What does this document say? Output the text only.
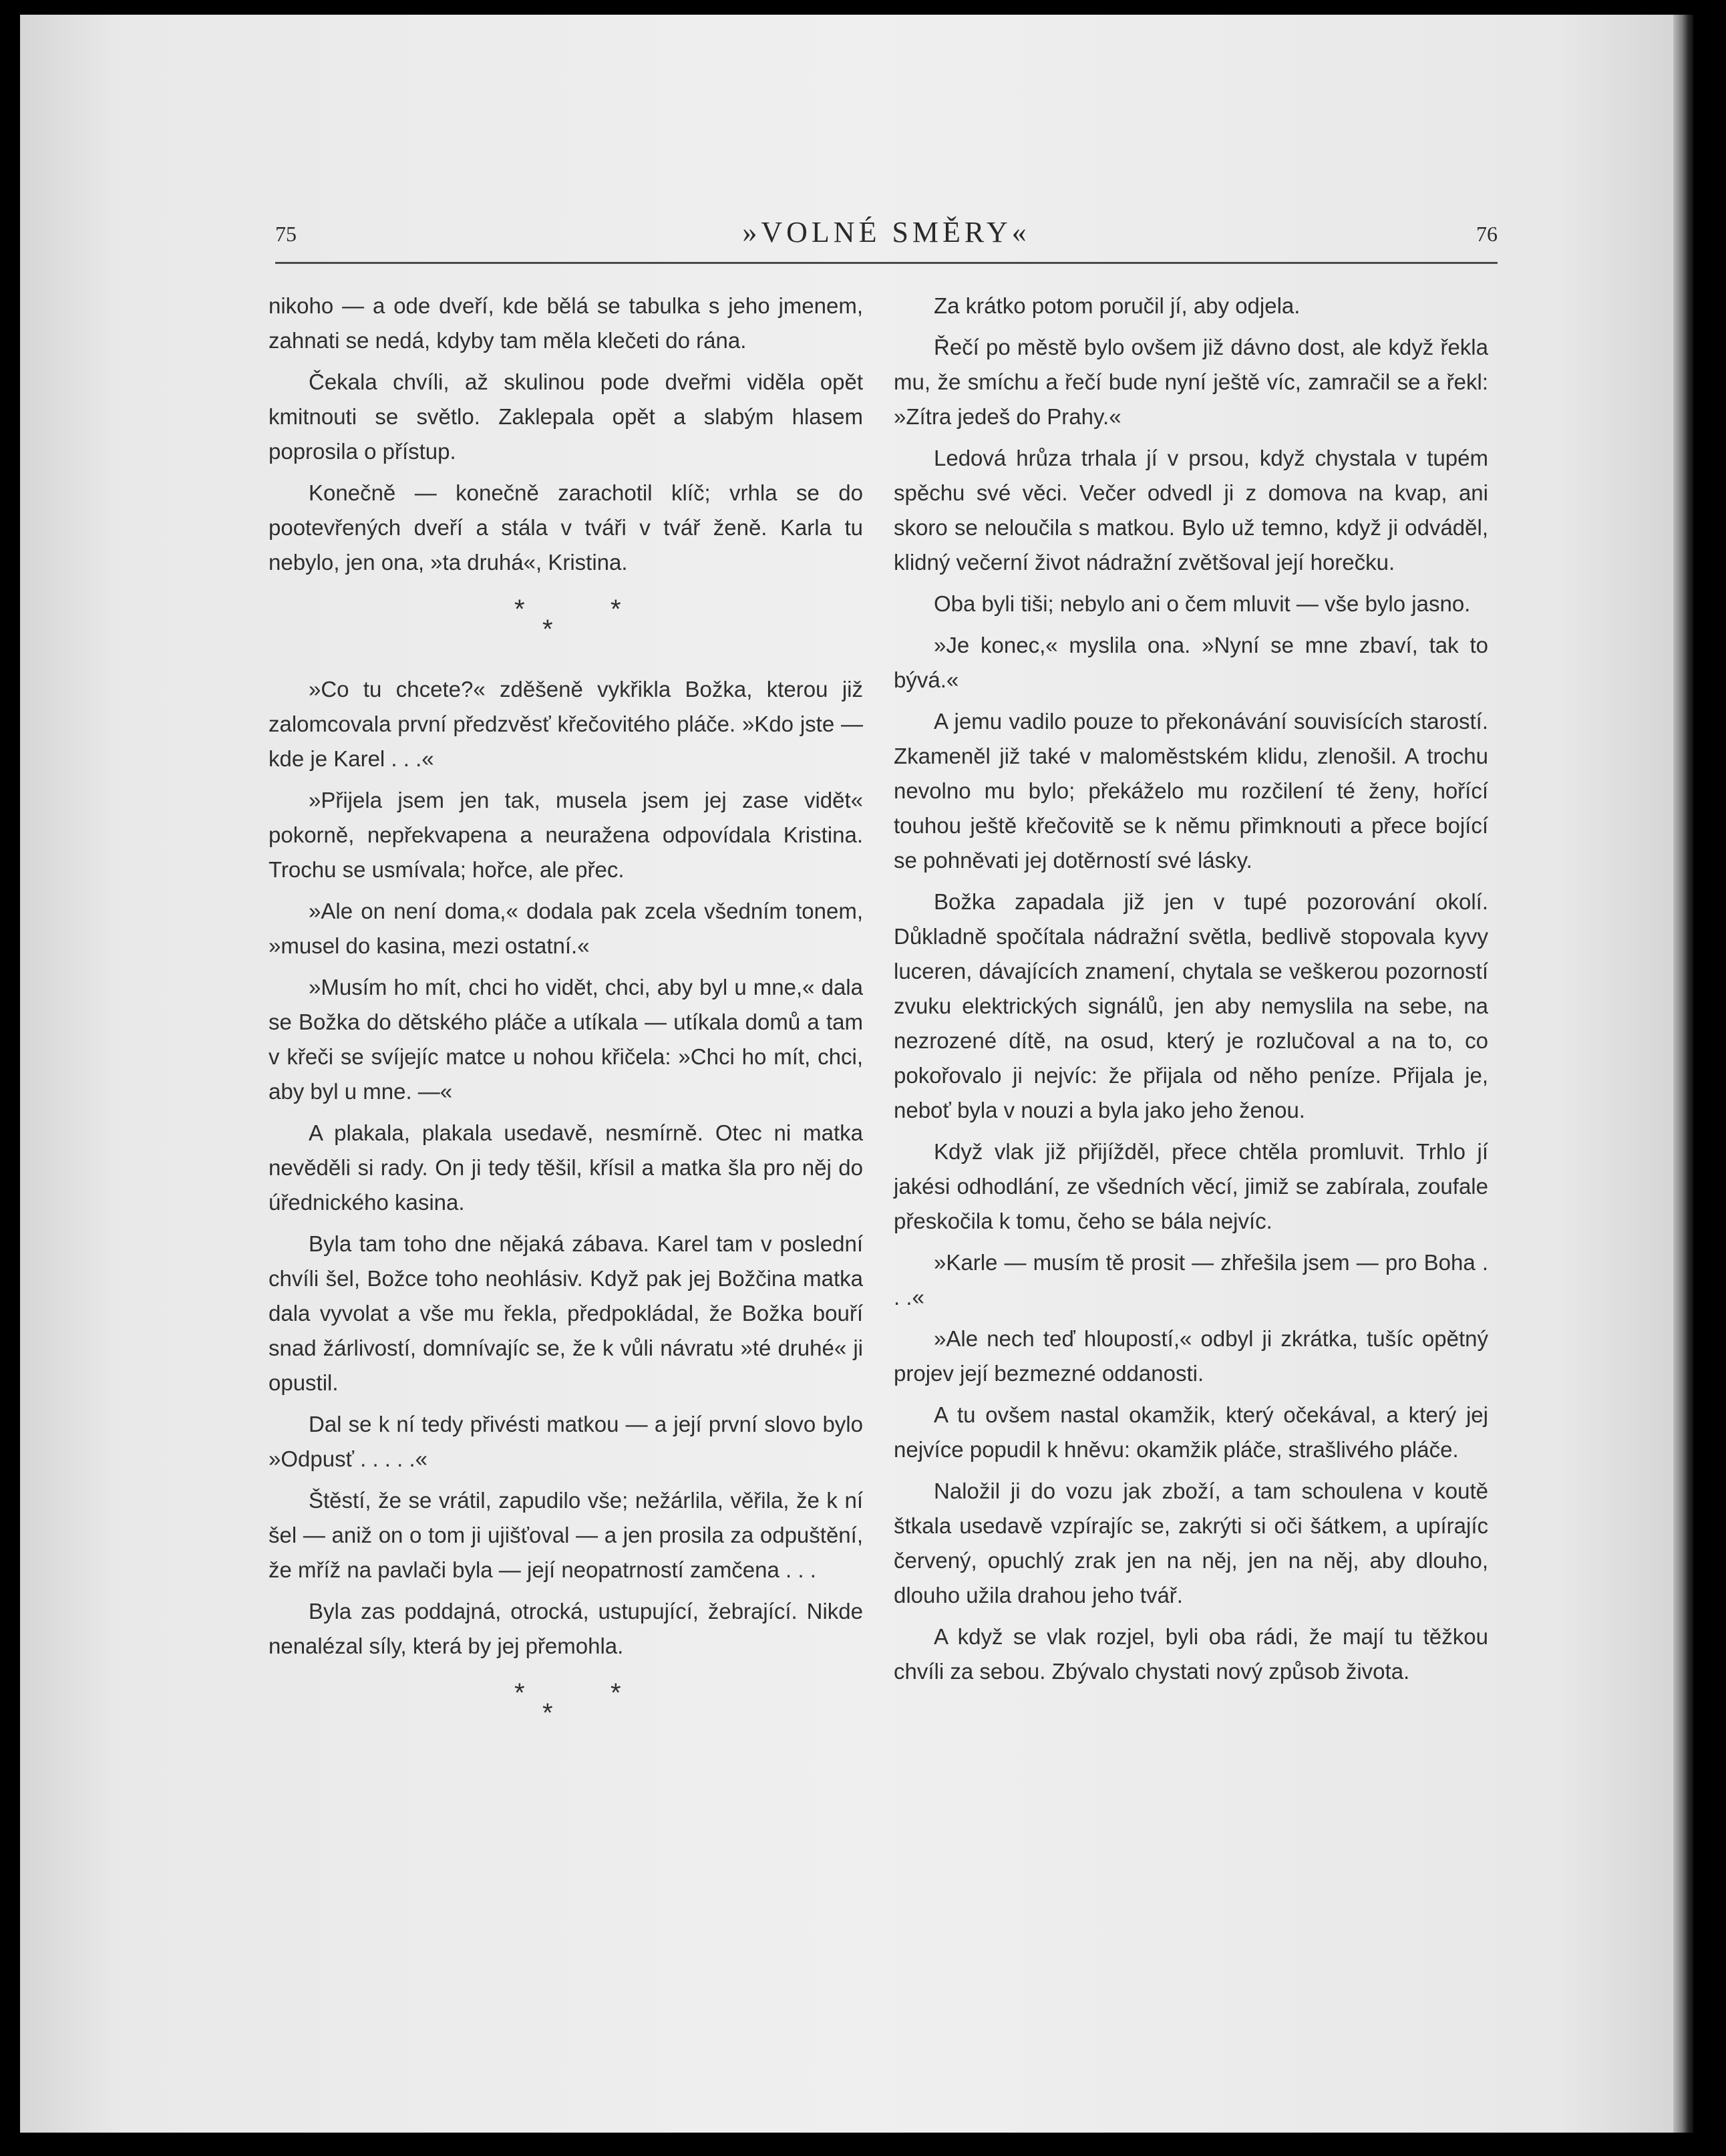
75	»VOLNÉ SMĚRY«	76

nikoho — a ode dveří, kde bělá se tabulka s jeho jmenem, zahnati se nedá, kdyby tam měla klečeti do rána.

Čekala chvíli, až skulinou pode dveřmi viděla opět kmitnouti se světlo. Zaklepala opět a slabým hlasem poprosila o přístup.

Konečně — konečně zarachotil klíč; vrhla se do pootevřených dveří a stála v tváři v tvář ženě. Karla tu nebylo, jen ona, »ta druhá«, Kristina.

*
*
*

»Co tu chcete?« zděšeně vykřikla Božka, kterou již zalomcovala první předzvěsť křečovitého pláče. »Kdo jste — kde je Karel . . .«

»Přijela jsem jen tak, musela jsem jej zase vidět« pokorně, nepřekvapena a neuražena odpovídala Kristina. Trochu se usmívala; hořce, ale přec.

»Ale on není doma,« dodala pak zcela všedním tonem, »musel do kasina, mezi ostatní.«

»Musím ho mít, chci ho vidět, chci, aby byl u mne,« dala se Božka do dětského pláče a utíkala — utíkala domů a tam v křeči se svíjejíc matce u nohou křičela: »Chci ho mít, chci, aby byl u mne. —«

A plakala, plakala usedavě, nesmírně. Otec ni matka nevěděli si rady. On ji tedy těšil, křísil a matka šla pro něj do úřednického kasina.

Byla tam toho dne nějaká zábava. Karel tam v poslední chvíli šel, Božce toho neohlásiv. Když pak jej Božčina matka dala vyvolat a vše mu řekla, předpokládal, že Božka bouří snad žárlivostí, domnívajíc se, že k vůli návratu »té druhé« ji opustil.

Dal se k ní tedy přivésti matkou — a její první slovo bylo »Odpusť . . . . .«

Štěstí, že se vrátil, zapudilo vše; nežárlila, věřila, že k ní šel — aniž on o tom ji ujišťoval — a jen prosila za odpuštění, že mříž na pavlači byla — její neopatrností zamčena . . .

Byla zas poddajná, otrocká, ustupující, žebrající. Nikde nenalézal síly, která by jej přemohla.

*
*
*

Za krátko potom poručil jí, aby odjela.

Řečí po městě bylo ovšem již dávno dost, ale když řekla mu, že smíchu a řečí bude nyní ještě víc, zamračil se a řekl: »Zítra jedeš do Prahy.«

Ledová hrůza trhala jí v prsou, když chystala v tupém spěchu své věci. Večer odvedl ji z domova na kvap, ani skoro se neloučila s matkou. Bylo už temno, když ji odváděl, klidný večerní život nádražní zvětšoval její horečku.

Oba byli tiši; nebylo ani o čem mluvit — vše bylo jasno.

»Je konec,« myslila ona. »Nyní se mne zbaví, tak to bývá.«

A jemu vadilo pouze to překonávání souvisících starostí. Zkameněl již také v maloměstském klidu, zlenošil. A trochu nevolno mu bylo; překáželo mu rozčilení té ženy, hořící touhou ještě křečovitě se k němu přimknouti a přece bojící se pohněvati jej dotěrností své lásky.

Božka zapadala již jen v tupé pozorování okolí. Důkladně spočítala nádražní světla, bedlivě stopovala kyvy luceren, dávajících znamení, chytala se veškerou pozorností zvuku elektrických signálů, jen aby nemyslila na sebe, na nezrozené dítě, na osud, který je rozlučoval a na to, co pokořovalo ji nejvíc: že přijala od něho peníze. Přijala je, neboť byla v nouzi a byla jako jeho ženou.

Když vlak již přijížděl, přece chtěla promluvit. Trhlo jí jakési odhodlání, ze všedních věcí, jimiž se zabírala, zoufale přeskočila k tomu, čeho se bála nejvíc.

»Karle — musím tě prosit — zhřešila jsem — pro Boha . . .«

»Ale nech teď hloupostí,« odbyl ji zkrátka, tušíc opětný projev její bezmezné oddanosti.

A tu ovšem nastal okamžik, který očekával, a který jej nejvíce popudil k hněvu: okamžik pláče, strašlivého pláče.

Naložil ji do vozu jak zboží, a tam schoulena v koutě štkala usedavě vzpírajíc se, zakrýti si oči šátkem, a upírajíc červený, opuchlý zrak jen na něj, jen na něj, aby dlouho, dlouho užila drahou jeho tvář.

A když se vlak rozjel, byli oba rádi, že mají tu těžkou chvíli za sebou. Zbývalo chystati nový způsob života.
